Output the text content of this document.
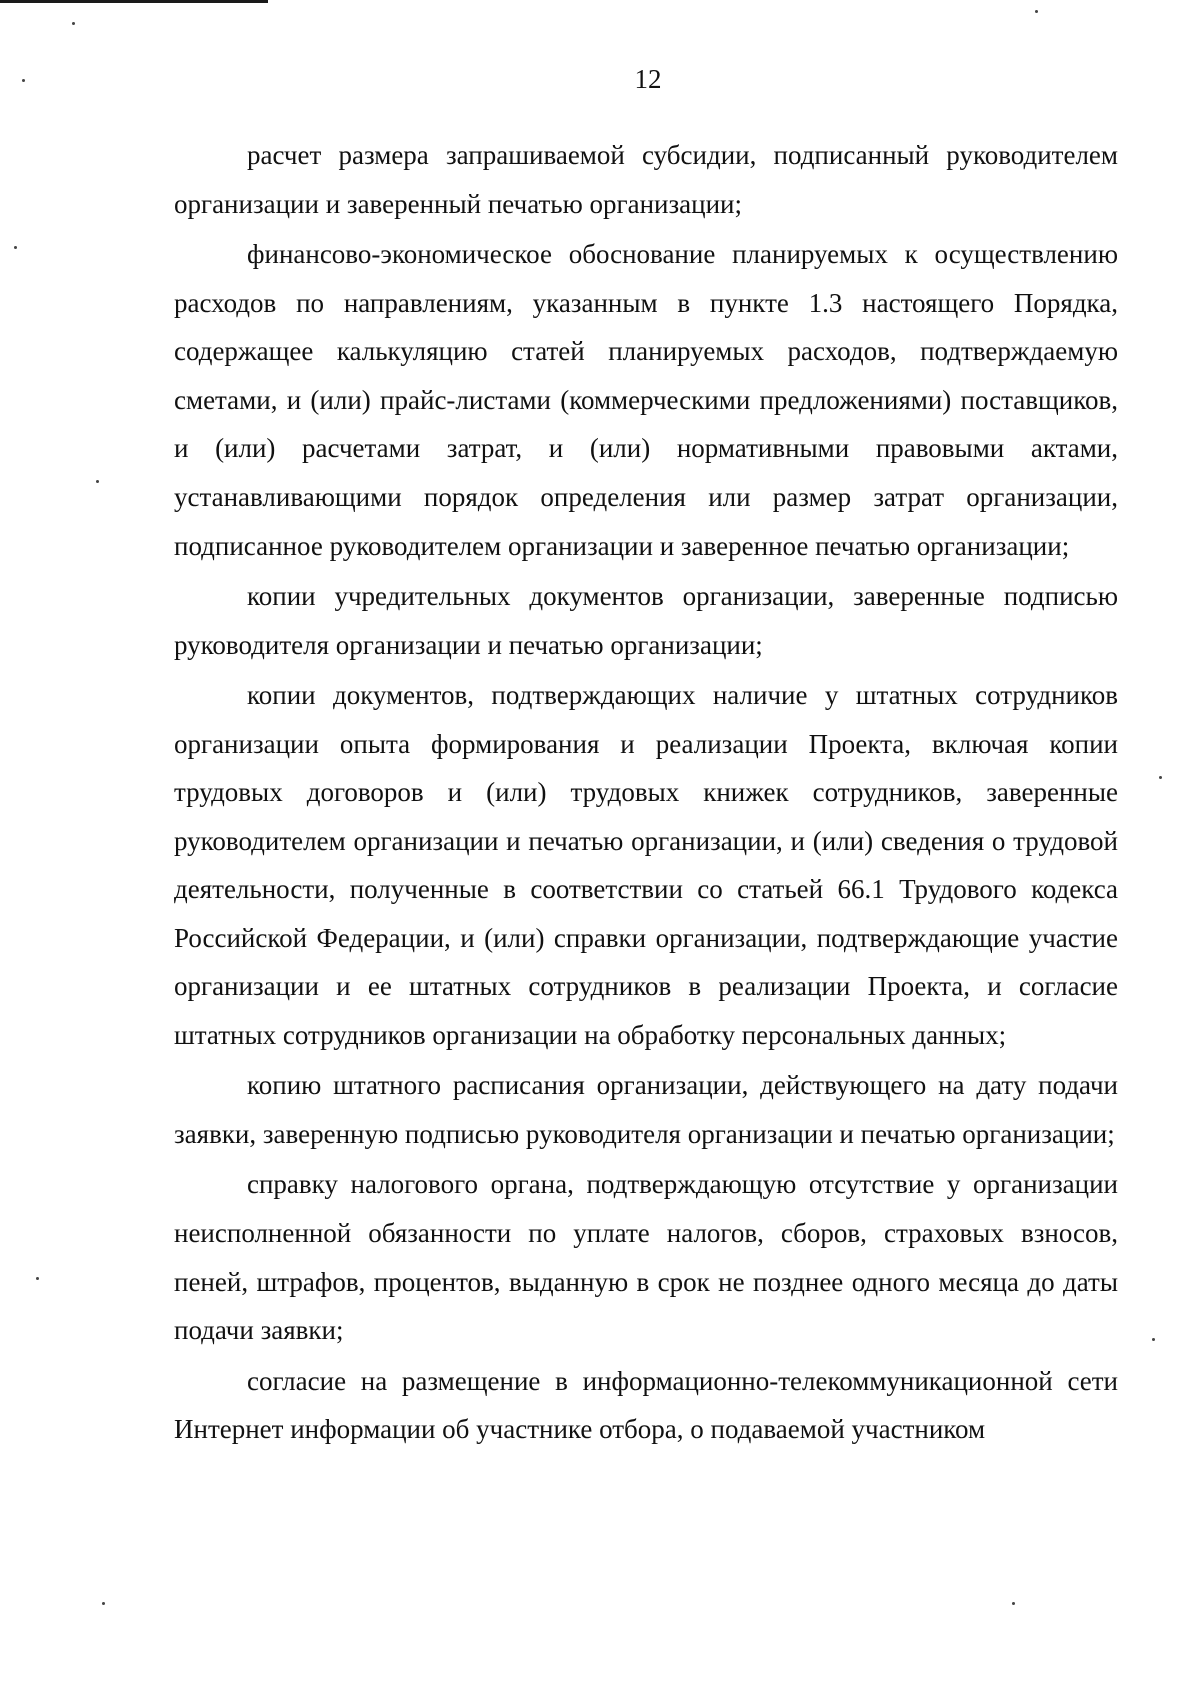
12

расчет размера запрашиваемой субсидии, подписанный руководителем организации и заверенный печатью организации;

финансово-экономическое обоснование планируемых к осуществлению расходов по направлениям, указанным в пункте 1.3 настоящего Порядка, содержащее калькуляцию статей планируемых расходов, подтверждаемую сметами, и (или) прайс-листами (коммерческими предложениями) поставщиков, и (или) расчетами затрат, и (или) нормативными правовыми актами, устанавливающими порядок определения или размер затрат организации, подписанное руководителем организации и заверенное печатью организации;

копии учредительных документов организации, заверенные подписью руководителя организации и печатью организации;

копии документов, подтверждающих наличие у штатных сотрудников организации опыта формирования и реализации Проекта, включая копии трудовых договоров и (или) трудовых книжек сотрудников, заверенные руководителем организации и печатью организации, и (или) сведения о трудовой деятельности, полученные в соответствии со статьей 66.1 Трудового кодекса Российской Федерации, и (или) справки организации, подтверждающие участие организации и ее штатных сотрудников в реализации Проекта, и согласие штатных сотрудников организации на обработку персональных данных;

копию штатного расписания организации, действующего на дату подачи заявки, заверенную подписью руководителя организации и печатью организации;

справку налогового органа, подтверждающую отсутствие у организации неисполненной обязанности по уплате налогов, сборов, страховых взносов, пеней, штрафов, процентов, выданную в срок не позднее одного месяца до даты подачи заявки;

согласие на размещение в информационно-телекоммуникационной сети Интернет информации об участнике отбора, о подаваемой участником
